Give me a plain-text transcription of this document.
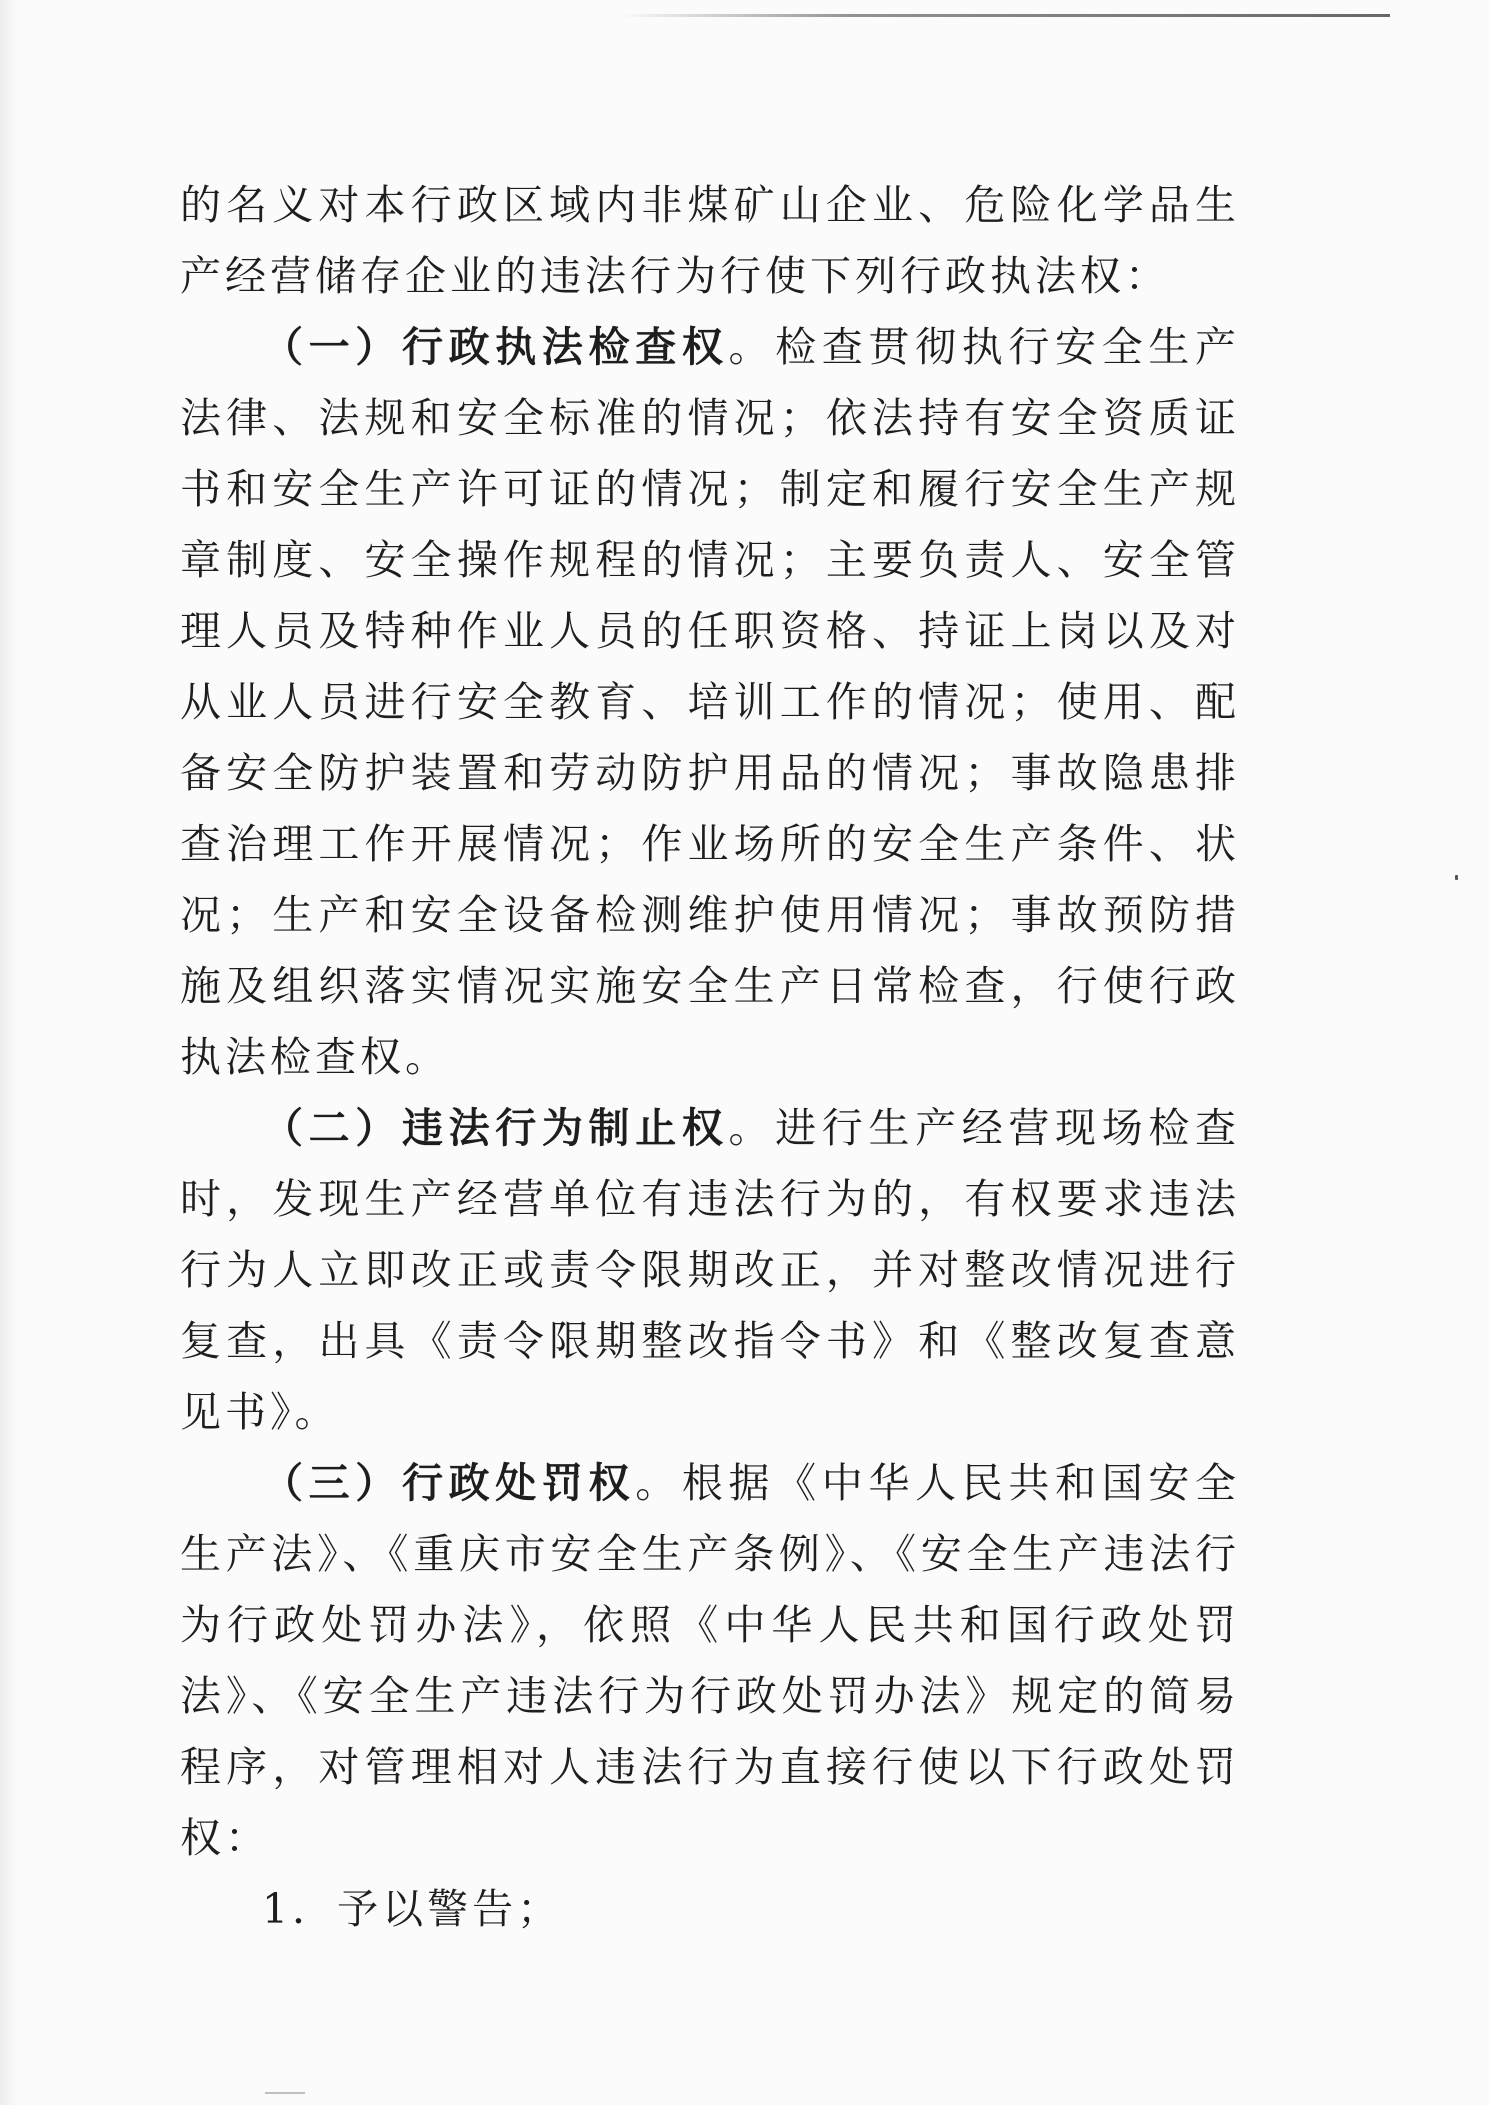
的名义对本行政区域内非煤矿山企业、危险化学品生产经营储存企业的违法行为行使下列行政执法权：

（一）行政执法检查权。检查贯彻执行安全生产法律、法规和安全标准的情况；依法持有安全资质证书和安全生产许可证的情况；制定和履行安全生产规章制度、安全操作规程的情况；主要负责人、安全管理人员及特种作业人员的任职资格、持证上岗以及对从业人员进行安全教育、培训工作的情况；使用、配备安全防护装置和劳动防护用品的情况；事故隐患排查治理工作开展情况；作业场所的安全生产条件、状况；生产和安全设备检测维护使用情况；事故预防措施及组织落实情况实施安全生产日常检查，行使行政执法检查权。

（二）违法行为制止权。进行生产经营现场检查时，发现生产经营单位有违法行为的，有权要求违法行为人立即改正或责令限期改正，并对整改情况进行复查，出具《责令限期整改指令书》和《整改复查意见书》。

（三）行政处罚权。根据《中华人民共和国安全生产法》、《重庆市安全生产条例》、《安全生产违法行为行政处罚办法》，依照《中华人民共和国行政处罚法》、《安全生产违法行为行政处罚办法》规定的简易程序，对管理相对人违法行为直接行使以下行政处罚权：

1．予以警告；
